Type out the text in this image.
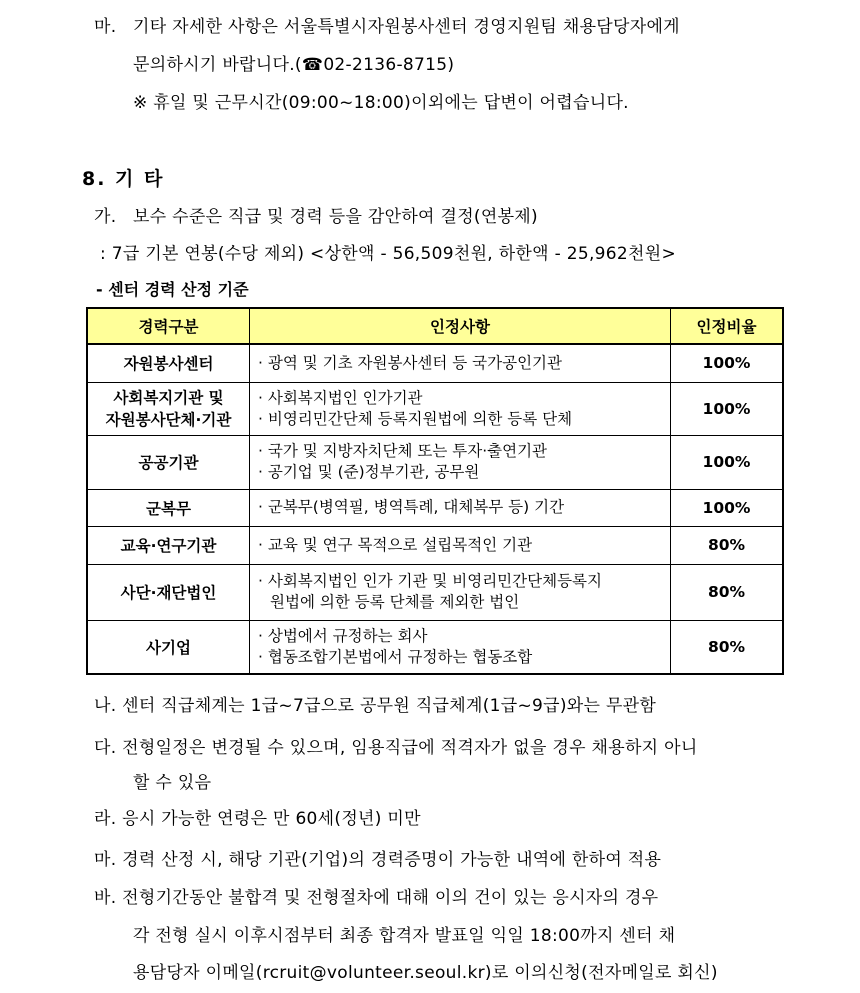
마. 기타 자세한 사항은 서울특별시자원봉사센터 경영지원팀 채용담당자에게
문의하시기 바랍니다.(☎02-2136-8715)
※ 휴일 및 근무시간(09:00~18:00)이외에는 답변이 어렵습니다.
8. 기 타
가. 보수 수준은 직급 및 경력 등을 감안하여 결정(연봉제)
: 7급 기본 연봉(수당 제외) <상한액 - 56,509천원, 하한액 - 25,962천원>
- 센터 경력 산정 기준
경력구분	인정사항	인정비율
자원봉사센터	· 광역 및 기초 자원봉사센터 등 국가공인기관	100%

사회복지기관 및
자원봉사단체·기관	· 사회복지법인 인가기관
· 비영리민간단체 등록지원법에 의한 등록 단체	100%
공공기관	· 국가 및 지방자치단체 또는 투자·출연기관
· 공기업 및 (준)정부기관, 공무원	100%
군복무	· 군복무(병역필, 병역특례, 대체복무 등) 기간	100%
교육·연구기관	· 교육 및 연구 목적으로 설립목적인 기관	80%
사단·재단법인	· 사회복지법인 인가 기관 및 비영리민간단체등록지
원법에 의한 등록 단체를 제외한 법인	80%
사기업	· 상법에서 규정하는 회사
· 협동조합기본법에서 규정하는 협동조합	80%
나. 센터 직급체계는 1급~7급으로 공무원 직급체계(1급~9급)와는 무관함
다. 전형일정은 변경될 수 있으며, 임용직급에 적격자가 없을 경우 채용하지 아니
할 수 있음
라. 응시 가능한 연령은 만 60세(정년) 미만
마. 경력 산정 시, 해당 기관(기업)의 경력증명이 가능한 내역에 한하여 적용
바. 전형기간동안 불합격 및 전형절차에 대해 이의 건이 있는 응시자의 경우
각 전형 실시 이후시점부터 최종 합격자 발표일 익일 18:00까지 센터 채
용담당자 이메일(rcruit@volunteer.seoul.kr)로 이의신청(전자메일로 회신)
